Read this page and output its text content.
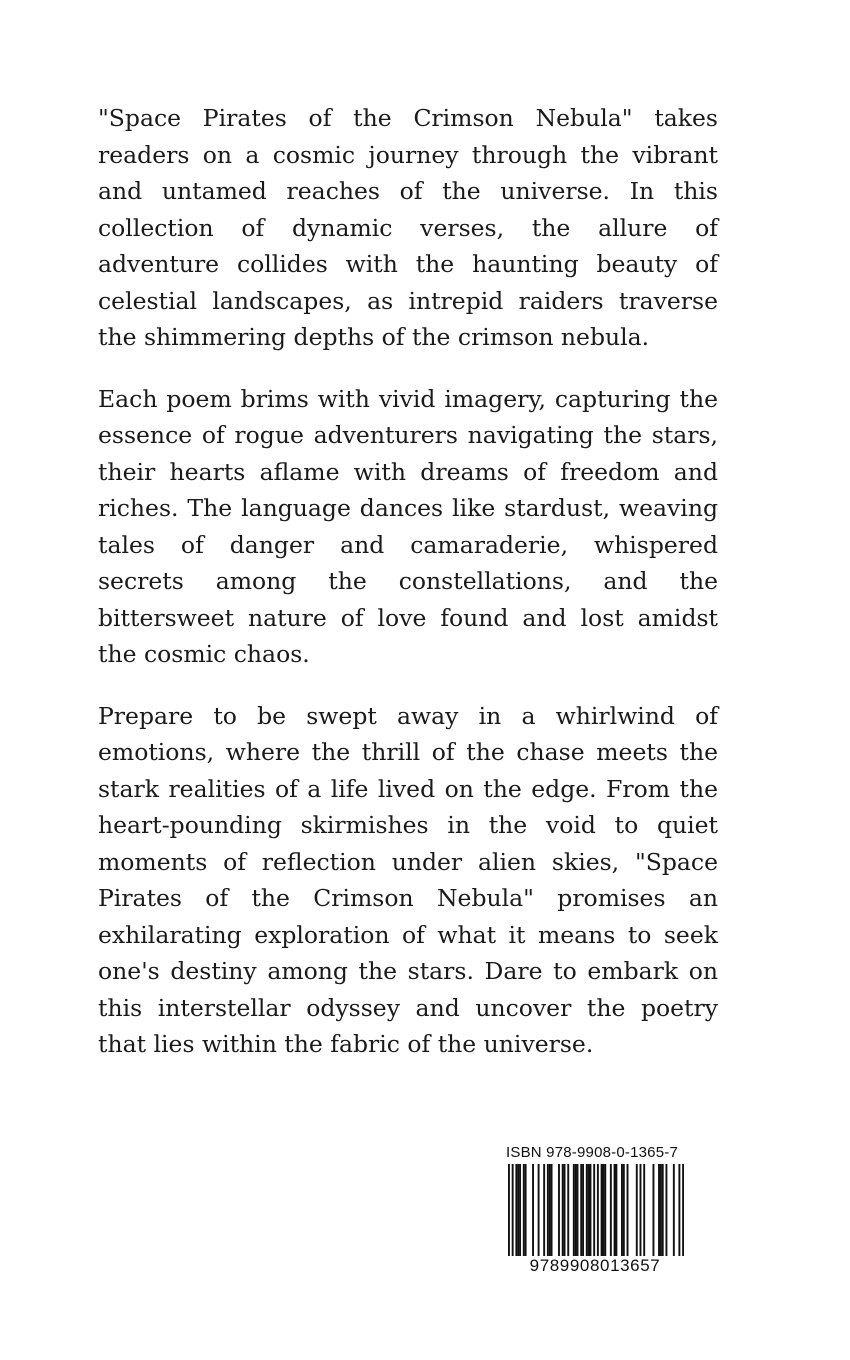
"Space Pirates of the Crimson Nebula" takes readers on a cosmic journey through the vibrant and untamed reaches of the universe. In this collection of dynamic verses, the allure of adventure collides with the haunting beauty of celestial landscapes, as intrepid raiders traverse the shimmering depths of the crimson nebula.

Each poem brims with vivid imagery, capturing the essence of rogue adventurers navigating the stars, their hearts aflame with dreams of freedom and riches. The language dances like stardust, weaving tales of danger and camaraderie, whispered secrets among the constellations, and the bittersweet nature of love found and lost amidst the cosmic chaos.

Prepare to be swept away in a whirlwind of emotions, where the thrill of the chase meets the stark realities of a life lived on the edge. From the heart-pounding skirmishes in the void to quiet moments of reflection under alien skies, "Space Pirates of the Crimson Nebula" promises an exhilarating exploration of what it means to seek one's destiny among the stars. Dare to embark on this interstellar odyssey and uncover the poetry that lies within the fabric of the universe.

ISBN 978-9908-0-1365-7
9789908013657
